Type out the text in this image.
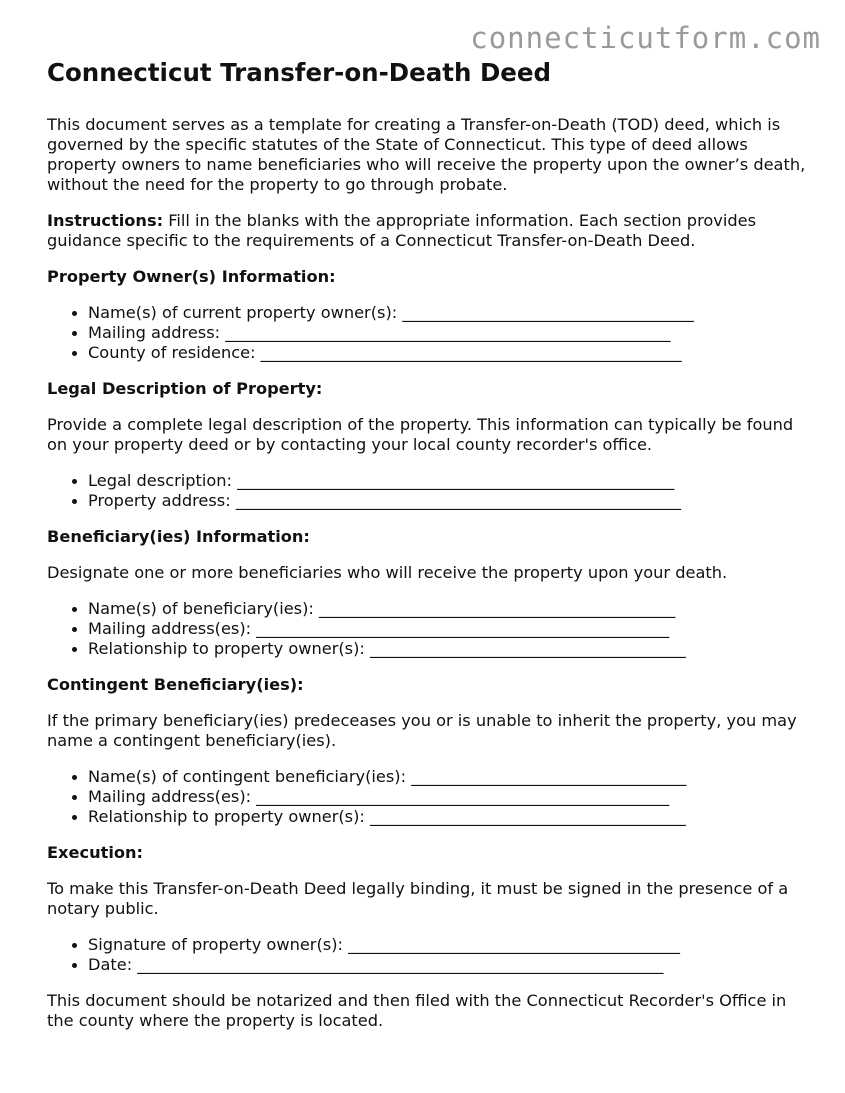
connecticutform.com
Connecticut Transfer-on-Death Deed

This document serves as a template for creating a Transfer-on-Death (TOD) deed, which is governed by the specific statutes of the State of Connecticut. This type of deed allows property owners to name beneficiaries who will receive the property upon the owner’s death, without the need for the property to go through probate.

Instructions: Fill in the blanks with the appropriate information. Each section provides guidance specific to the requirements of a Connecticut Transfer-on-Death Deed.

Property Owner(s) Information:
Name(s) of current property owner(s): ____________________________________
Mailing address: _______________________________________________________
County of residence: ____________________________________________________
Legal Description of Property:

Provide a complete legal description of the property. This information can typically be found on your property deed or by contacting your local county recorder's office.

Legal description: ______________________________________________________
Property address: _______________________________________________________
Beneficiary(ies) Information:

Designate one or more beneficiaries who will receive the property upon your death.

Name(s) of beneficiary(ies): ____________________________________________
Mailing address(es): ___________________________________________________
Relationship to property owner(s): _______________________________________
Contingent Beneficiary(ies):

If the primary beneficiary(ies) predeceases you or is unable to inherit the property, you may name a contingent beneficiary(ies).

Name(s) of contingent beneficiary(ies): __________________________________
Mailing address(es): ___________________________________________________
Relationship to property owner(s): _______________________________________
Execution:

To make this Transfer-on-Death Deed legally binding, it must be signed in the presence of a notary public.

Signature of property owner(s): _________________________________________
Date: _________________________________________________________________

This document should be notarized and then filed with the Connecticut Recorder's Office in the county where the property is located.
